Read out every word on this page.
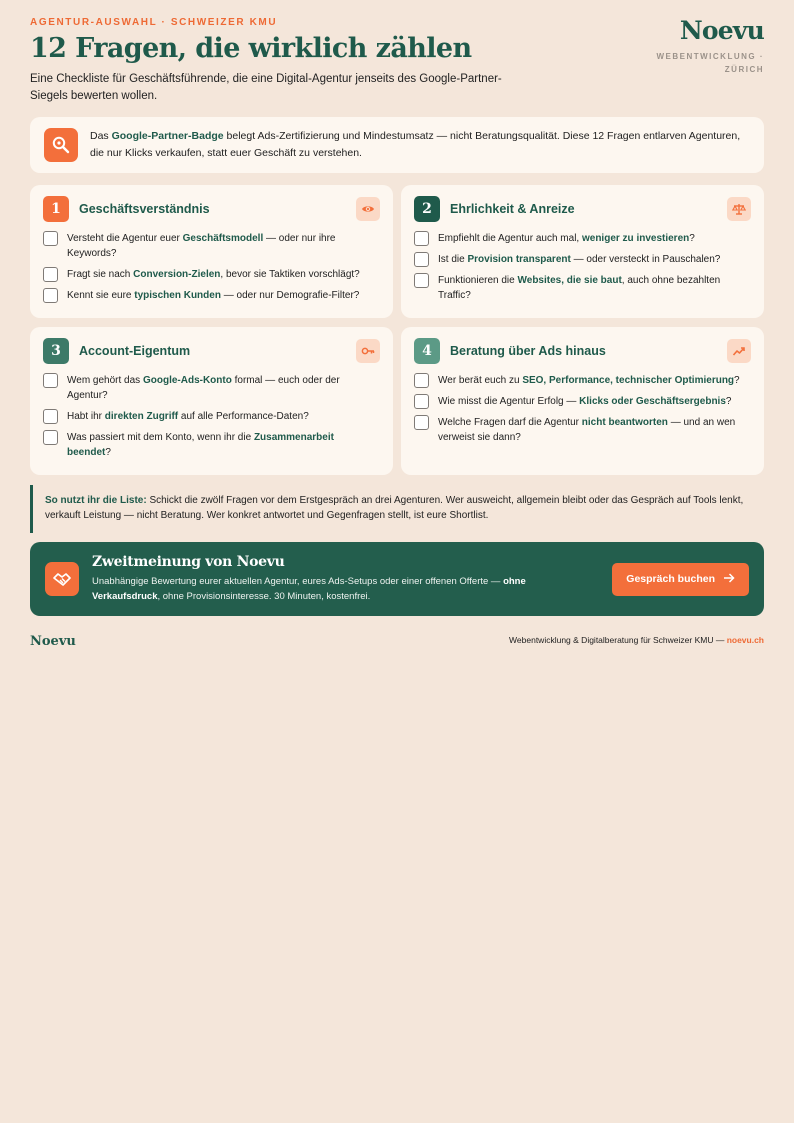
AGENTUR-AUSWAHL · SCHWEIZER KMU
12 Fragen, die wirklich zählen

Eine Checkliste für Geschäftsführende, die eine Digital-Agentur jenseits des Google-Partner-Siegels bewerten wollen.

Noevu
WEBENTWICKLUNG · ZÜRICH

Das Google-Partner-Badge belegt Ads-Zertifizierung und Mindestumsatz — nicht Beratungsqualität. Diese 12 Fragen entlarven Agenturen, die nur Klicks verkaufen, statt euer Geschäft zu verstehen.

1	Geschäftsverständnis
Versteht die Agentur euer Geschäftsmodell — oder nur ihre Keywords?
Fragt sie nach Conversion-Zielen, bevor sie Taktiken vorschlägt?
Kennt sie eure typischen Kunden — oder nur Demografie-Filter?
2	Ehrlichkeit & Anreize
Empfiehlt die Agentur auch mal, weniger zu investieren?
Ist die Provision transparent — oder versteckt in Pauschalen?
Funktionieren die Websites, die sie baut, auch ohne bezahlten Traffic?
3	Account-Eigentum
Wem gehört das Google-Ads-Konto formal — euch oder der Agentur?
Habt ihr direkten Zugriff auf alle Performance-Daten?
Was passiert mit dem Konto, wenn ihr die Zusammenarbeit beendet?
4	Beratung über Ads hinaus
Wer berät euch zu SEO, Performance, technischer Optimierung?
Wie misst die Agentur Erfolg — Klicks oder Geschäftsergebnis?
Welche Fragen darf die Agentur nicht beantworten — und an wen verweist sie dann?
So nutzt ihr die Liste: Schickt die zwölf Fragen vor dem Erstgespräch an drei Agenturen. Wer ausweicht, allgemein bleibt oder das Gespräch auf Tools lenkt, verkauft Leistung — nicht Beratung. Wer konkret antwortet und Gegenfragen stellt, ist eure Shortlist.
Zweitmeinung von Noevu
Unabhängige Bewertung eurer aktuellen Agentur, eures Ads-Setups oder einer offenen Offerte — ohne Verkaufsdruck, ohne Provisionsinteresse. 30 Minuten, kostenfrei.
Gespräch buchen
Noevu	Webentwicklung & Digitalberatung für Schweizer KMU — noevu.ch
